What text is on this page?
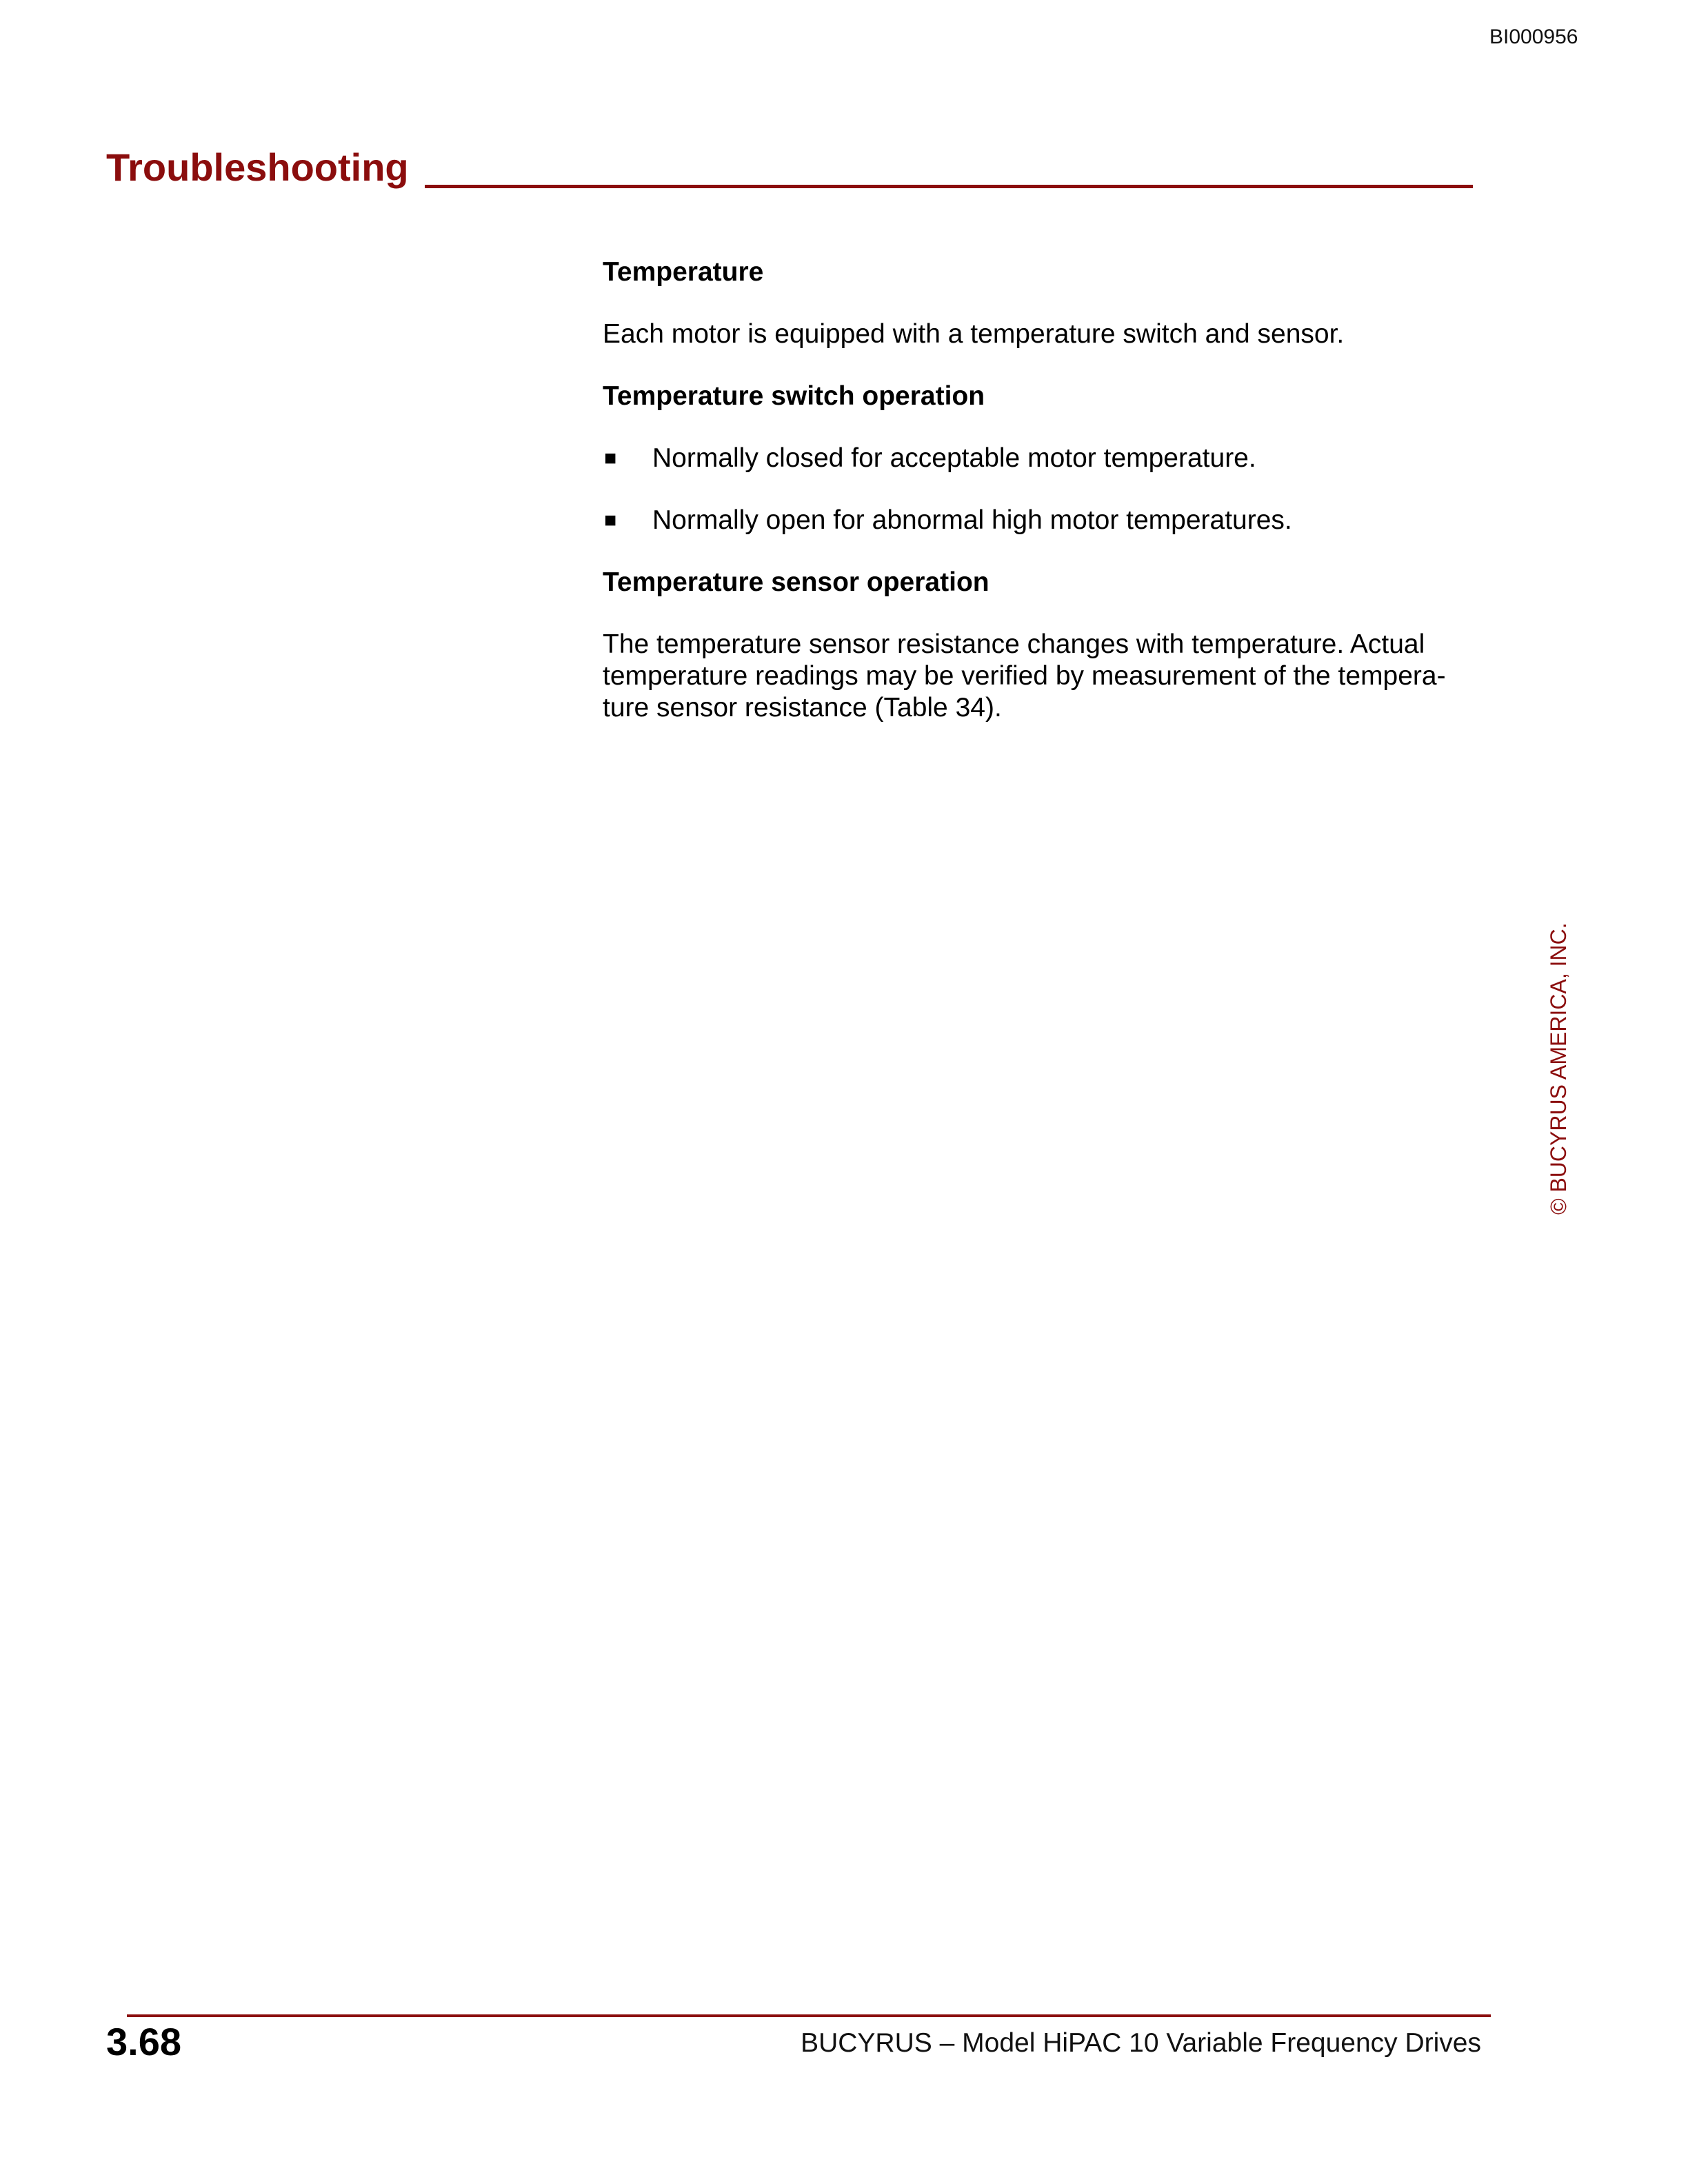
BI000956
Troubleshooting

Temperature

Each motor is equipped with a temperature switch and sensor.

Temperature switch operation

■	Normally closed for acceptable motor temperature.
■	Normally open for abnormal high motor temperatures.

Temperature sensor operation

The temperature sensor resistance changes with temperature. Actual temperature readings may be verified by measurement of the tempera-ture sensor resistance (Table 34).

© BUCYRUS AMERICA, INC.
3.68	BUCYRUS – Model HiPAC 10 Variable Frequency Drives
